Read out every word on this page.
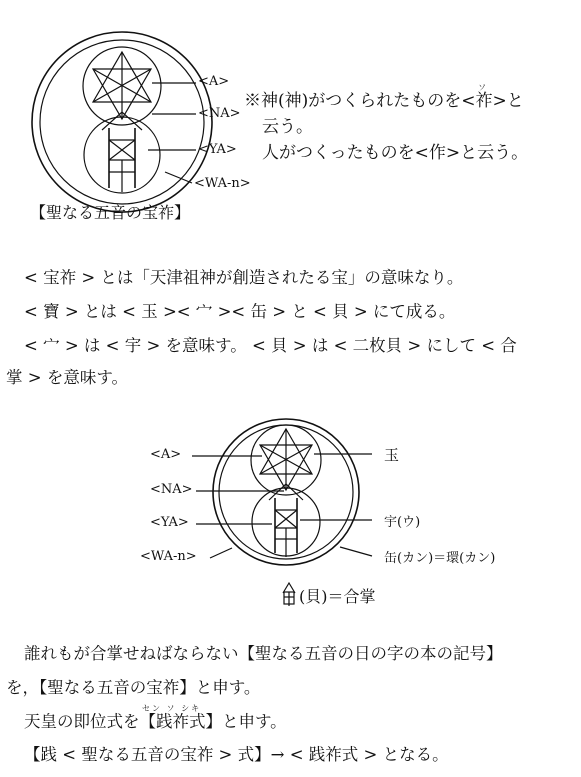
<A>
<NA>
<YA>
<WA-n>
【聖なる五音の宝祚】
ソ
※神(神)がつくられたものを<祚>と
云う。
人がつくったものを<作>と云う。
< 宝祚 > とは「天津祖神が創造されたる宝」の意味なり。
< 寶 > とは < 玉 >< 宀 >< 缶 > と < 貝 > にて成る。
< 宀 > は < 宇 > を意味す。 < 貝 > は < 二枚貝 > にして < 合
掌 > を意味す。
<A>
<NA>
<YA>
<WA-n>
玉
宇(ウ)
缶(カン)＝環(カン)
(貝)＝合掌
誰れもが合掌せねばならない【聖なる五音の日の字の本の記号】
を，【聖なる五音の宝祚】と申す。
セン ソ シキ
天皇の即位式を【践祚式】と申す。
【践 < 聖なる五音の宝祚 > 式】→ < 践祚式 > となる。
